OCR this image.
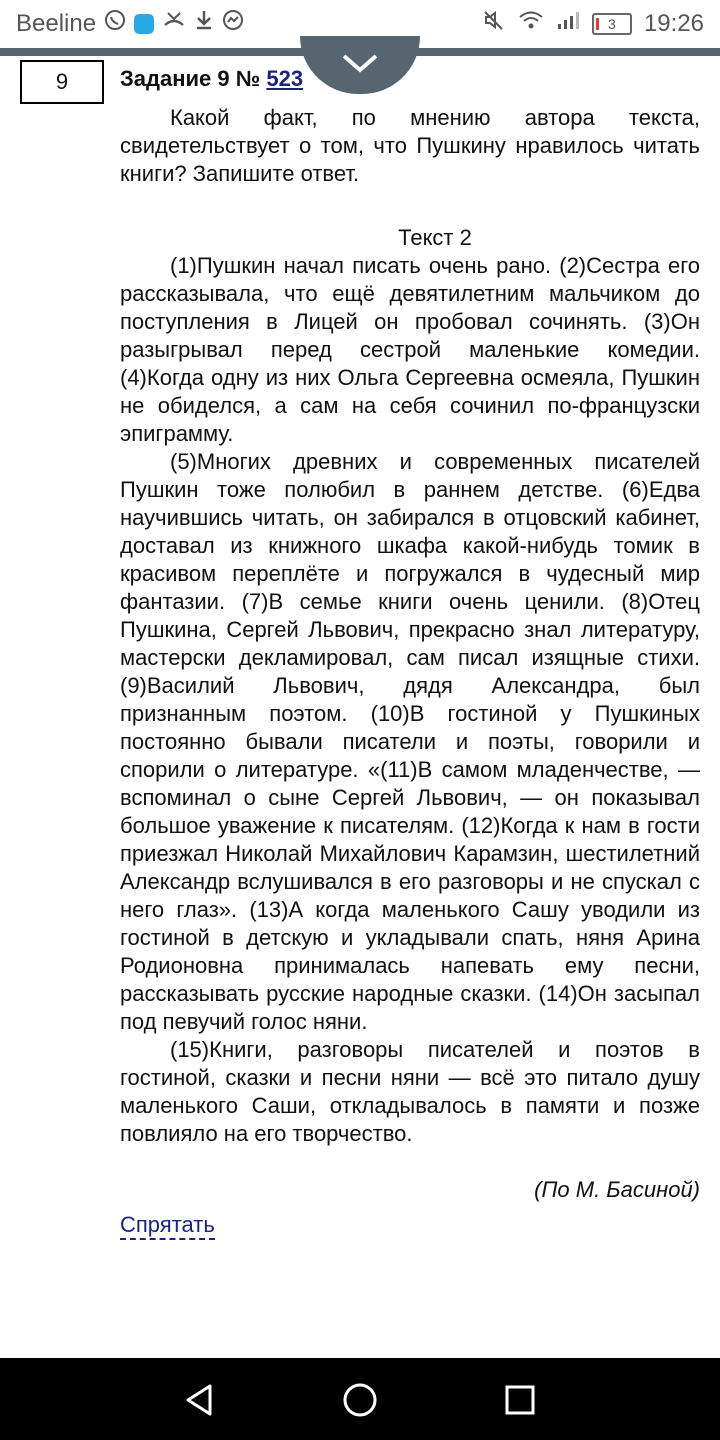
Beeline	3	19:26
9	Задание 9 № 523

Какой факт, по мнению автора текста, свидетельствует о том, что Пушкину нравилось читать книги? Запишите ответ.

Текст 2

(1)Пушкин начал писать очень рано. (2)Сестра его рассказывала, что ещё девятилетним мальчиком до поступления в Лицей он пробовал сочинять. (3)Он разыгрывал перед сестрой маленькие комедии. (4)Когда одну из них Ольга Сергеевна осмеяла, Пушкин не обиделся, а сам на себя сочинил по-французски эпиграмму.

(5)Многих древних и современных писателей Пушкин тоже полюбил в раннем детстве. (6)Едва научившись читать, он забирался в отцовский кабинет, доставал из книжного шкафа какой-нибудь томик в красивом переплёте и погружался в чудесный мир фантазии. (7)В семье книги очень ценили. (8)Отец Пушкина, Сергей Львович, прекрасно знал литературу, мастерски декламировал, сам писал изящные стихи. (9)Василий Львович, дядя Александра, был признанным поэтом. (10)В гостиной у Пушкиных постоянно бывали писатели и поэты, говорили и спорили о литературе. «(11)В самом младенчестве, — вспоминал о сыне Сергей Львович, — он показывал большое уважение к писателям. (12)Когда к нам в гости приезжал Николай Михайлович Карамзин, шестилетний Александр вслушивался в его разговоры и не спускал с него глаз». (13)А когда маленького Сашу уводили из гостиной в детскую и укладывали спать, няня Арина Родионовна принималась напевать ему песни, рассказывать русские народные сказки. (14)Он засыпал под певучий голос няни.

(15)Книги, разговоры писателей и поэтов в гостиной, сказки и песни няни — всё это питало душу маленького Саши, откладывалось в памяти и позже повлияло на его творчество.

(По М. Басиной)

Спрятать
